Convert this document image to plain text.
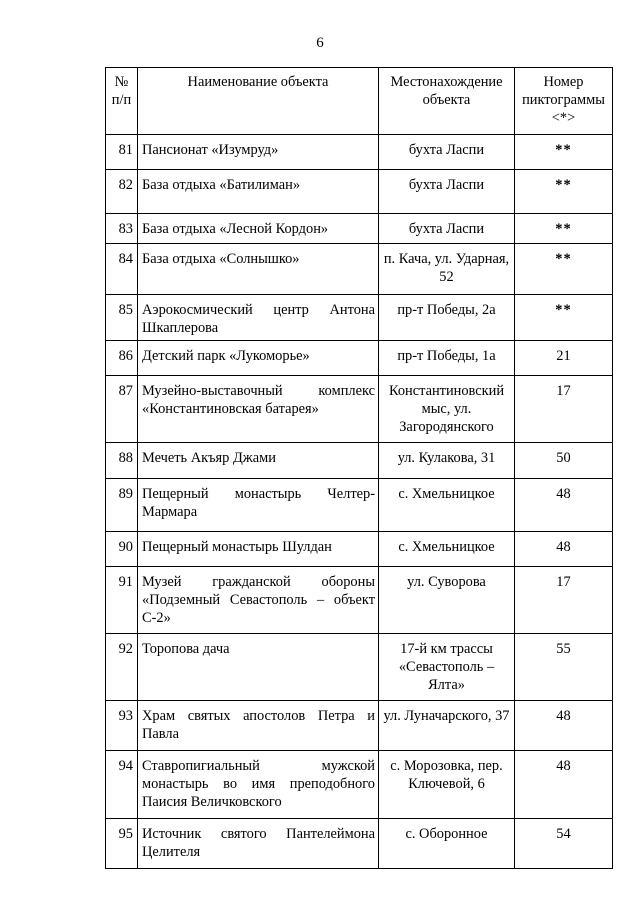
6
№ п/п	Наименование объекта	Местонахождение объекта	Номер пиктограммы <*>
81	Пансионат «Изумруд»	бухта Ласпи	**
82	База отдыха «Батилиман»	бухта Ласпи	**
83	База отдыха «Лесной Кордон»	бухта Ласпи	**
84	База отдыха «Солнышко»	п. Кача, ул. Ударная, 52	**
85	Аэрокосмический центр Антона Шкаплерова	пр-т Победы, 2а	**
86	Детский парк «Лукоморье»	пр-т Победы, 1а	21
87	Музейно-выставочный комплекс «Константиновская батарея»	Константиновский мыс, ул. Загородянского	17
88	Мечеть Акъяр Джами	ул. Кулакова, 31	50
89	Пещерный монастырь Челтер-Мармара	с. Хмельницкое	48
90	Пещерный монастырь Шулдан	с. Хмельницкое	48
91	Музей гражданской обороны «Подземный Севастополь – объект С-2»	ул. Суворова	17
92	Торопова дача	17-й км трассы «Севастополь – Ялта»	55
93	Храм святых апостолов Петра и Павла	ул. Луначарского, 37	48
94	Ставропигиальный мужской монастырь во имя преподобного Паисия Величковского	с. Морозовка, пер. Ключевой, 6	48
95	Источник святого Пантелеймона Целителя	с. Оборонное	54
